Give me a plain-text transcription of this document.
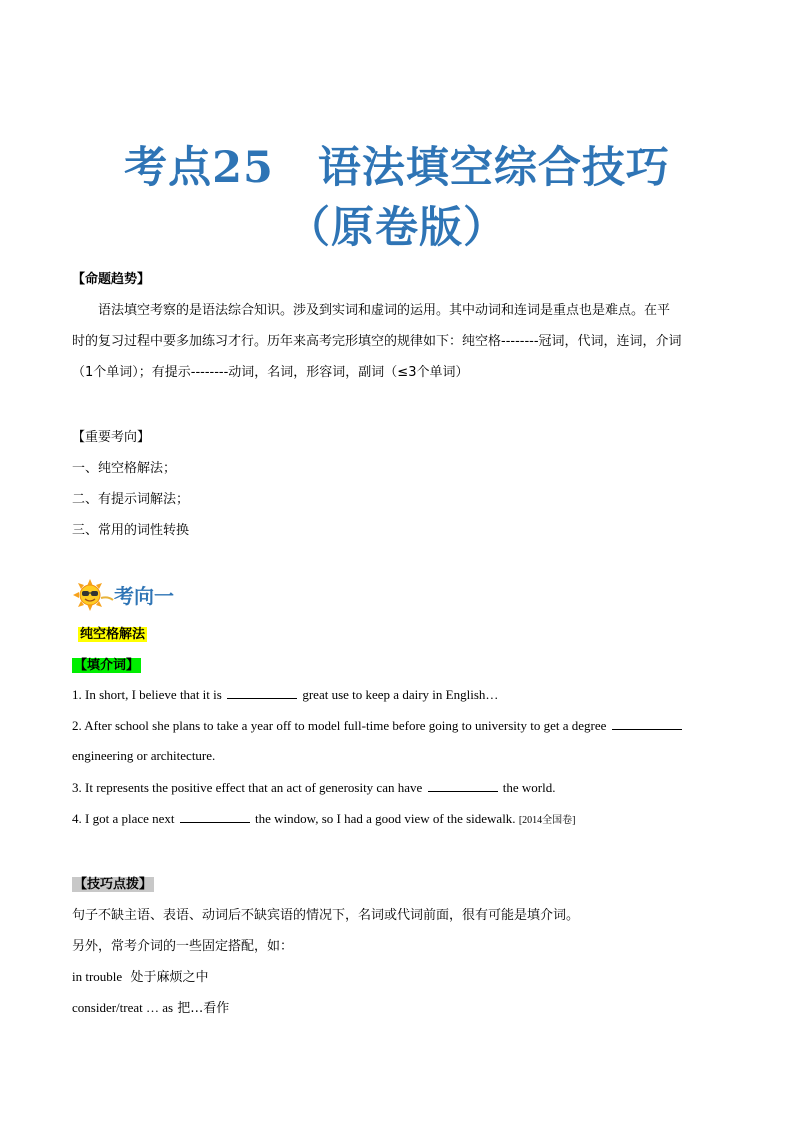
考点25 语法填空综合技巧
（原卷版）
【命题趋势】
语法填空考察的是语法综合知识。涉及到实词和虚词的运用。其中动词和连词是重点也是难点。在平
时的复习过程中要多加练习才行。历年来高考完形填空的规律如下：纯空格--------冠词，代词，连词，介词
（1个单词）；有提示--------动词，名词，形容词，副词（≤3个单词）
【重要考向】
一、纯空格解法；
二、有提示词解法；
三、常用的词性转换
考向一
纯空格解法
【填介词】
1. In short, I believe that it is	great use to keep a dairy in English…
2. After school she plans to take a year off to model full-time before going to university to get a degree
engineering or architecture.
3. It represents the positive effect that an act of generosity can have	the world.
4. I got a place next	the window, so I had a good view of the sidewalk. [2014全国卷]
【技巧点拨】
句子不缺主语、表语、动词后不缺宾语的情况下，名词或代词前面，很有可能是填介词。
另外，常考介词的一些固定搭配，如：
in trouble 处于麻烦之中
consider/treat … as 把…看作
